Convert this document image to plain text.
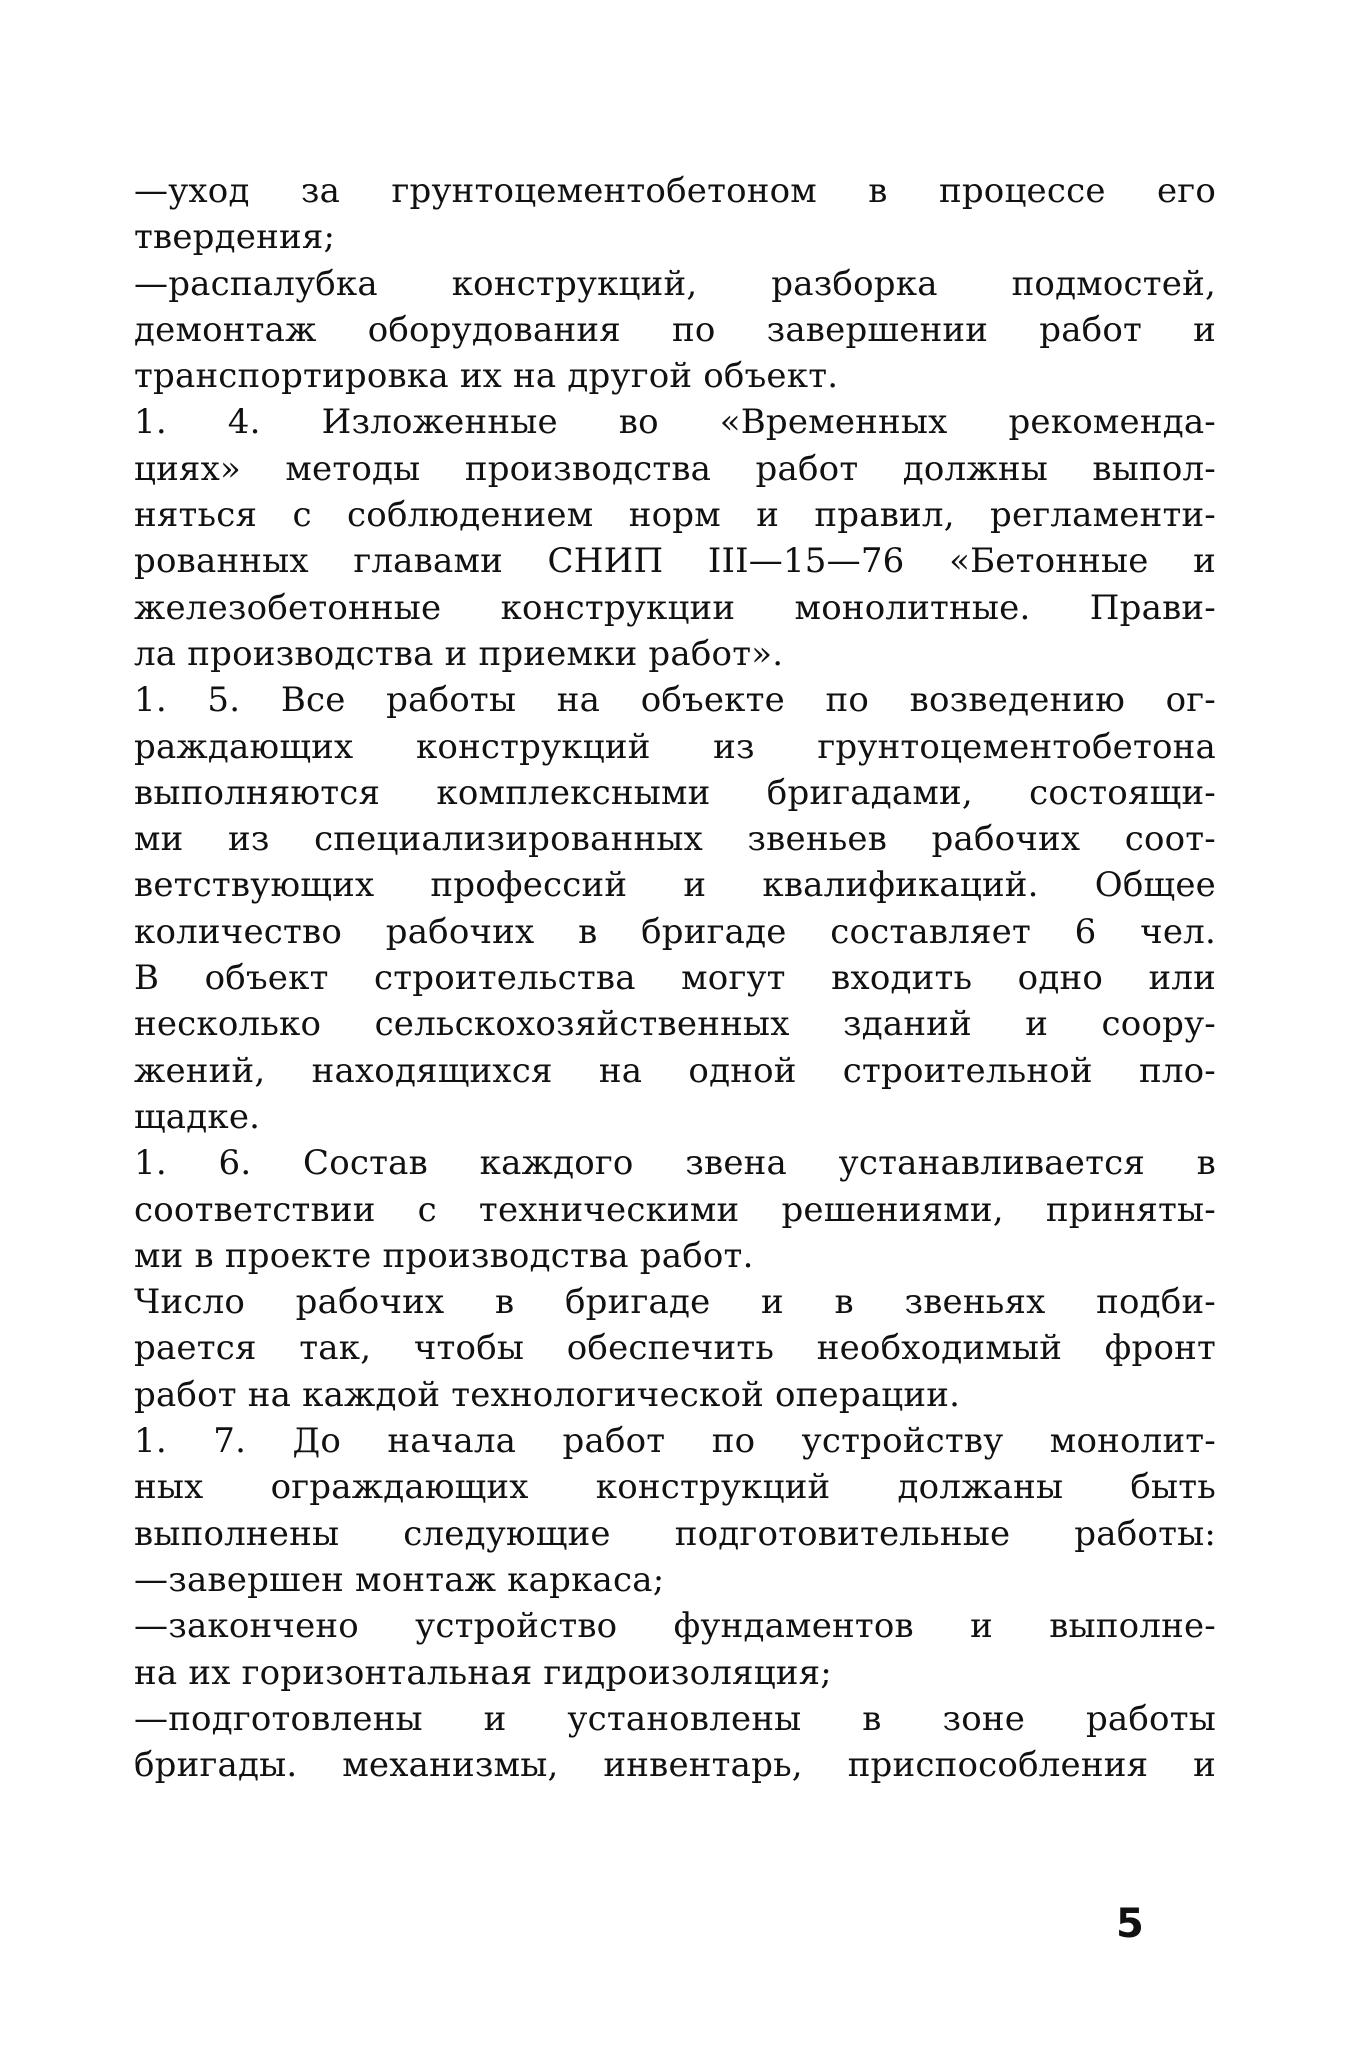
—уход за грунтоцементобетоном в процессе его
твердения;
—распалубка конструкций, разборка подмостей,
демонтаж оборудования по завершении работ и
транспортировка их на другой объект.
1. 4. Изложенные во «Временных рекоменда-
циях» методы производства работ должны выпол-
няться с соблюдением норм и правил, регламенти-
рованных главами СНИП III—15—76 «Бетонные и
железобетонные конструкции монолитные. Прави-
ла производства и приемки работ».
1. 5. Все работы на объекте по возведению ог-
раждающих конструкций из грунтоцементобетона
выполняются комплексными бригадами, состоящи-
ми из специализированных звеньев рабочих соот-
ветствующих профессий и квалификаций. Общее
количество рабочих в бригаде составляет 6 чел.
В объект строительства могут входить одно или
несколько сельскохозяйственных зданий и соору-
жений, находящихся на одной строительной пло-
щадке.
1. 6. Состав каждого звена устанавливается в
соответствии с техническими решениями, приняты-
ми в проекте производства работ.
Число рабочих в бригаде и в звеньях подби-
рается так, чтобы обеспечить необходимый фронт
работ на каждой технологической операции.
1. 7. До начала работ по устройству монолит-
ных ограждающих конструкций должаны быть
выполнены следующие подготовительные работы:
—завершен монтаж каркаса;
—закончено устройство фундаментов и выполне-
на их горизонтальная гидроизоляция;
—подготовлены и установлены в зоне работы
бригады. механизмы, инвентарь, приспособления и
5
